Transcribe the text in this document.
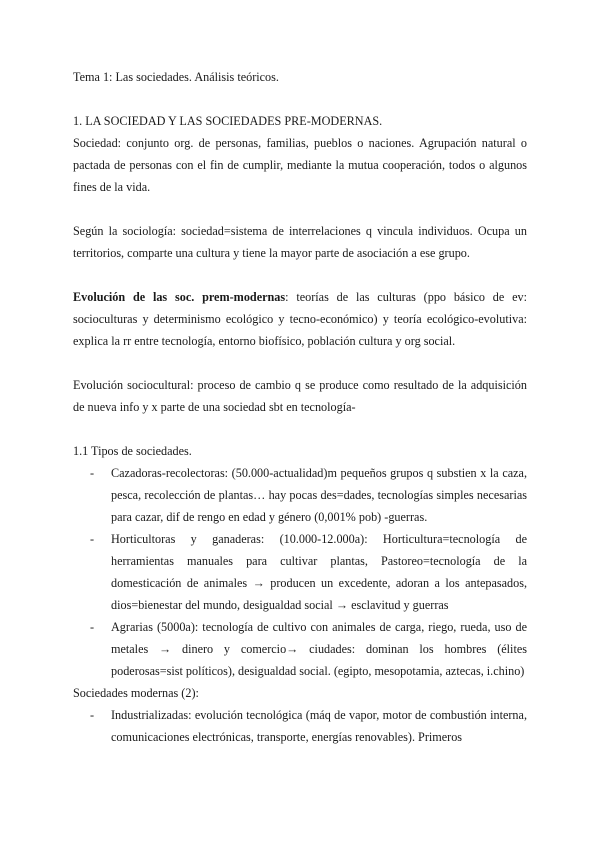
Tema 1: Las sociedades. Análisis teóricos.

1. LA SOCIEDAD Y LAS SOCIEDADES PRE-MODERNAS.

Sociedad: conjunto org. de personas, familias, pueblos o naciones. Agrupación natural o pactada de personas con el fin de cumplir, mediante la mutua cooperación, todos o algunos fines de la vida.

Según la sociología: sociedad=sistema de interrelaciones q vincula individuos. Ocupa un territorios, comparte una cultura y tiene la mayor parte de asociación a ese grupo.

Evolución de las soc. prem-modernas: teorías de las culturas (ppo básico de ev: socioculturas y determinismo ecológico y tecno-económico) y teoría ecológico-evolutiva: explica la rr entre tecnología, entorno biofísico, población cultura y org social.

Evolución sociocultural: proceso de cambio q se produce como resultado de la adquisición de nueva info y x parte de una sociedad sbt en tecnología-

1.1 Tipos de sociedades.

- Cazadoras-recolectoras: (50.000-actualidad)m pequeños grupos q substien x la caza, pesca, recolección de plantas… hay pocas des=dades, tecnologías simples necesarias para cazar, dif de rengo en edad y género (0,001% pob) -guerras.
- Horticultoras y ganaderas: (10.000-12.000a): Horticultura=tecnología de herramientas manuales para cultivar plantas, Pastoreo=tecnología de la domesticación de animales → producen un excedente, adoran a los antepasados, dios=bienestar del mundo, desigualdad social → esclavitud y guerras
- Agrarias (5000a): tecnología de cultivo con animales de carga, riego, rueda, uso de metales → dinero y comercio→ ciudades: dominan los hombres (élites poderosas=sist políticos), desigualdad social. (egipto, mesopotamia, aztecas, i.chino)

Sociedades modernas (2):

- Industrializadas: evolución tecnológica (máq de vapor, motor de combustión interna, comunicaciones electrónicas, transporte, energías renovables). Primeros
